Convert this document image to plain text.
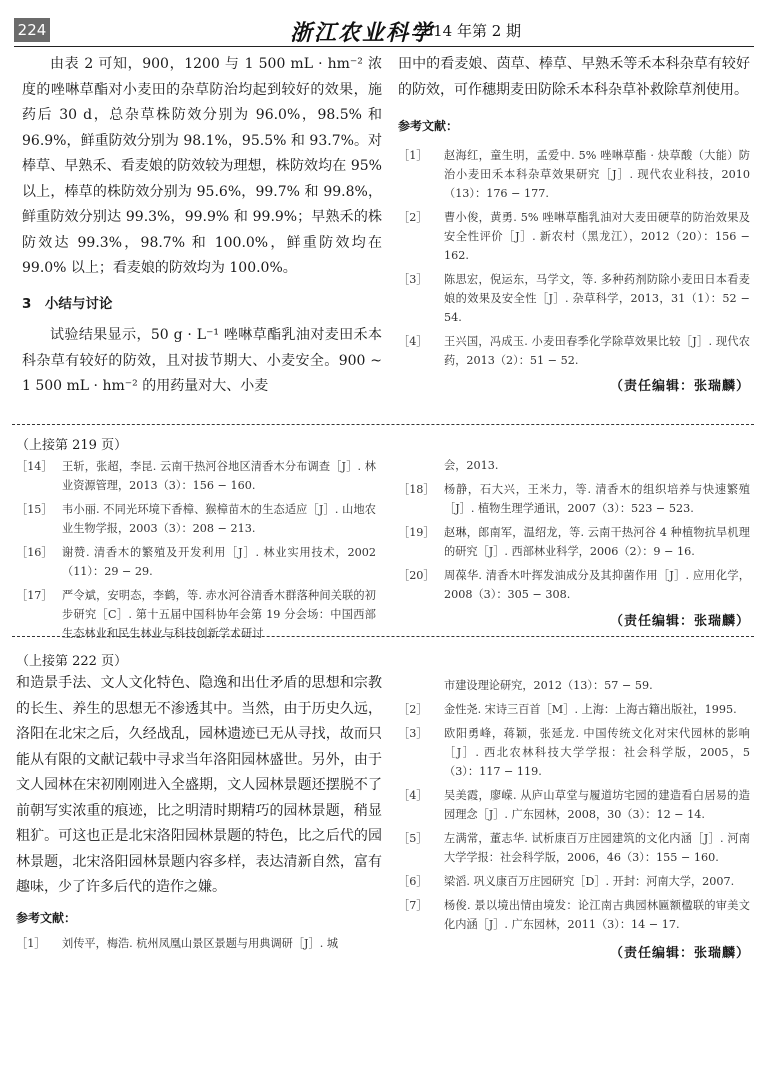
224	浙江农业科学
2014 年第 2 期

由表 2 可知，900，1200 与 1 500 mL · hm⁻² 浓度的唑啉草酯对小麦田的杂草防治均起到较好的效果，施药后 30 d，总杂草株防效分别为 96.0%，98.5% 和 96.9%，鲜重防效分别为 98.1%，95.5% 和 93.7%。对棒草、早熟禾、看麦娘的防效较为理想，株防效均在 95% 以上，棒草的株防效分别为 95.6%，99.7% 和 99.8%，鲜重防效分别达 99.3%，99.9% 和 99.9%；早熟禾的株防效达 99.3%，98.7% 和 100.0%，鲜重防效均在 99.0% 以上；看麦娘的防效均为 100.0%。

3　小结与讨论

试验结果显示，50 g · L⁻¹ 唑啉草酯乳油对麦田禾本科杂草有较好的防效，且对拔节期大、小麦安全。900 ~ 1 500 mL · hm⁻² 的用药量对大、小麦

田中的看麦娘、茵草、棒草、早熟禾等禾本科杂草有较好的防效，可作穗期麦田防除禾本科杂草补救除草剂使用。

参考文献：
［1］	赵海红，童生明，孟爱中. 5% 唑啉草酯 · 炔草酸（大能）防治小麦田禾本科杂草效果研究［J］. 现代农业科技，2010（13）：176 − 177.
［2］	曹小俊，黄勇. 5% 唑啉草酯乳油对大麦田硬草的防治效果及安全性评价［J］. 新农村（黑龙江），2012（20）：156 − 162.
［3］	陈思宏，倪运东，马学文，等. 多种药剂防除小麦田日本看麦娘的效果及安全性［J］. 杂草科学，2013，31（1）：52 − 54.
［4］	王兴国，冯成玉. 小麦田春季化学除草效果比较［J］. 现代农药，2013（2）：51 − 52.
（责任编辑：张瑞麟）
（上接第 219 页）
［14］ 王斩，张超，李昆. 云南干热河谷地区清香木分布调查［J］. 林业资源管理，2013（3）：156 − 160.
［15］ 韦小丽. 不同光环境下香樟、猴樟苗木的生态适应［J］. 山地农业生物学报，2003（3）：208 − 213.
［16］ 谢赞. 清香木的繁殖及开发利用［J］. 林业实用技术，2002（11）：29 − 29.
［17］ 严令斌，安明态，李鹤，等. 赤水河谷清香木群落种间关联的初步研究［C］. 第十五届中国科协年会第 19 分会场：中国西部生态林业和民生林业与科技创新学术研讨
会，2013.
［18］ 杨静，石大兴，王米力，等. 清香木的组织培养与快速繁殖［J］. 植物生理学通讯，2007（3）：523 − 523.
［19］ 赵琳，郎南军，温绍龙，等. 云南干热河谷 4 种植物抗旱机理的研究［J］. 西部林业科学，2006（2）：9 − 16.
［20］ 周葆华. 清香木叶挥发油成分及其抑菌作用［J］. 应用化学，2008（3）：305 − 308.
（责任编辑：张瑞麟）
（上接第 222 页）

和造景手法、文人文化特色、隐逸和出仕矛盾的思想和宗教的长生、养生的思想无不渗透其中。当然，由于历史久远，洛阳在北宋之后，久经战乱，园林遗迹已无从寻找，故而只能从有限的文献记载中寻求当年洛阳园林盛世。另外，由于文人园林在宋初刚刚进入全盛期，文人园林景题还摆脱不了前朝写实浓重的痕迹，比之明清时期精巧的园林景题，稍显粗犷。可这也正是北宋洛阳园林景题的特色，比之后代的园林景题，北宋洛阳园林景题内容多样，表达清新自然，富有趣味，少了许多后代的造作之嫌。

参考文献：
［1］	刘传平，梅浩. 杭州凤凰山景区景题与用典调研［J］. 城
市建设理论研究，2012（13）：57 − 59.
［2］	金性尧. 宋诗三百首［M］. 上海：上海古籍出版社，1995.
［3］	欧阳勇峰，蒋颖，张延龙. 中国传统文化对宋代园林的影响［J］. 西北农林科技大学学报：社会科学版，2005，5（3）：117 − 119.
［4］	吴美霞，廖嵘. 从庐山草堂与履道坊宅园的建造看白居易的造园理念［J］. 广东园林，2008，30（3）：12 − 14.
［5］	左满常，董志华. 试析康百万庄园建筑的文化内涵［J］. 河南大学学报：社会科学版，2006，46（3）：155 − 160.
［6］	梁滔. 巩义康百万庄园研究［D］. 开封：河南大学，2007.
［7］	杨俊. 景以境出情由境发：论江南古典园林匾额楹联的审美文化内涵［J］. 广东园林，2011（3）：14 − 17.
（责任编辑：张瑞麟）
